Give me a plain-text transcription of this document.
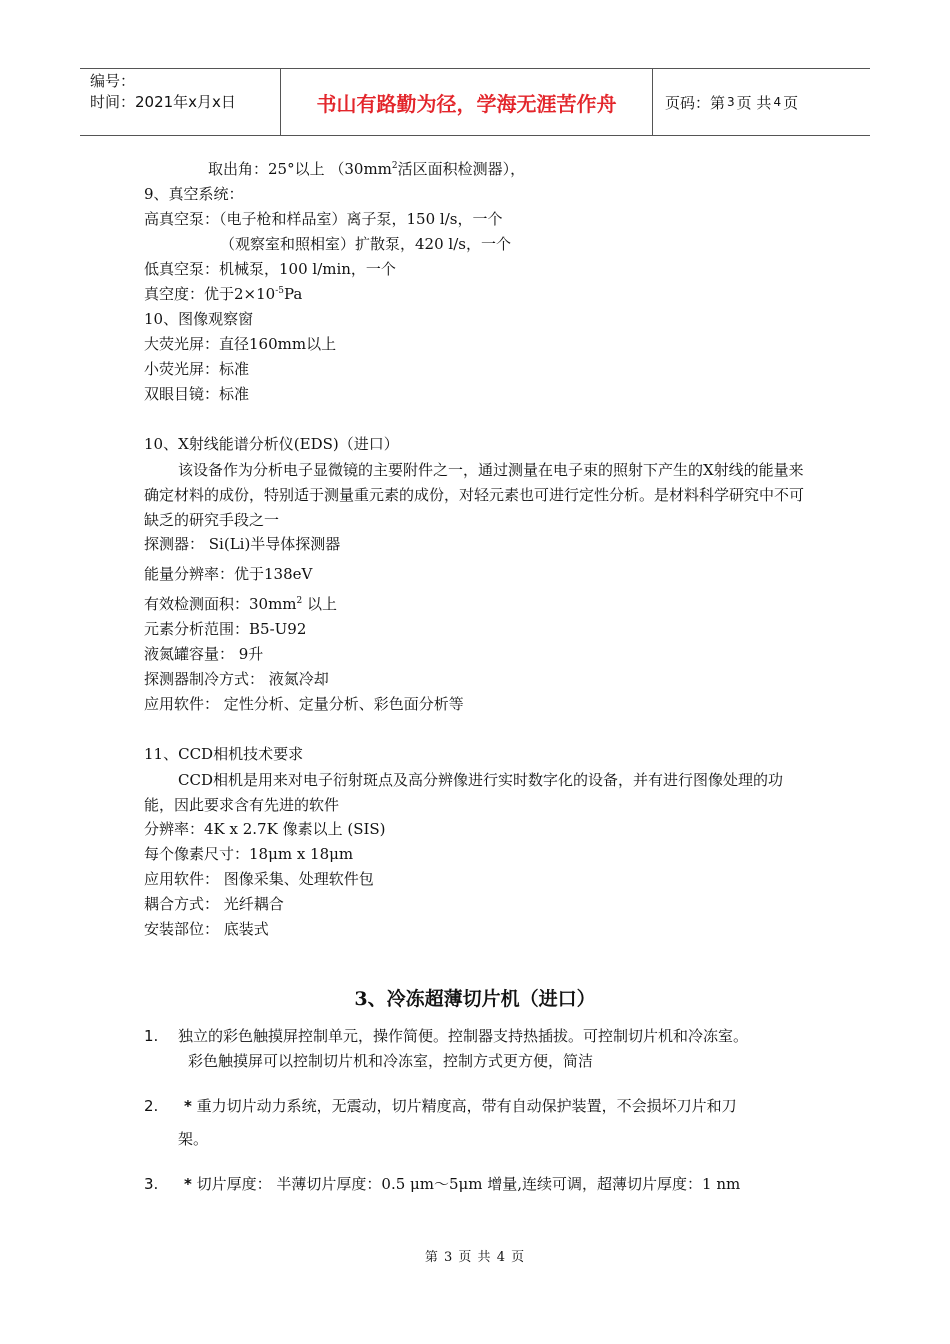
编号：
时间：2021年x月x日	书山有路勤为径，学海无涯苦作舟	页码：第 3 页 共 4 页
取出角：25°以上 （$30mm^2$活区面积检测器），
9、真空系统：
高真空泵：（电子枪和样品室）离子泵，150 l/s，一个
（观察室和照相室）扩散泵，420 l/s，一个
低真空泵：机械泵，100 l/min，一个
真空度：优于$2\times 10^{-5}Pa$
10、图像观察窗
大荧光屏：直径160mm以上
小荧光屏：标准
双眼目镜：标准
10、X射线能谱分析仪(EDS)（进口）
该设备作为分析电子显微镜的主要附件之一，通过测量在电子束的照射下产生的X射线的能量来确定材料的成份，特别适于测量重元素的成份，对轻元素也可进行定性分析。是材料科学研究中不可缺乏的研究手段之一
探测器： Si(Li)半导体探测器
能量分辨率：优于138eV
有效检测面积：$30mm^2$ 以上
元素分析范围：B5-U92
液氮罐容量： 9升
探测器制冷方式： 液氮冷却
应用软件： 定性分析、定量分析、彩色面分析等
11、CCD相机技术要求
CCD相机是用来对电子衍射斑点及高分辨像进行实时数字化的设备，并有进行图像处理的功能，因此要求含有先进的软件
分辨率：4K x 2.7K 像素以上 (SIS)
每个像素尺寸：18μm x 18μm
应用软件： 图像采集、处理软件包
耦合方式： 光纤耦合
安装部位： 底装式
3、冷冻超薄切片机（进口）
1. 独立的彩色触摸屏控制单元，操作简便。控制器支持热插拔。可控制切片机和冷冻室。
彩色触摸屏可以控制切片机和冷冻室，控制方式更方便，简洁
2. * 重力切片动力系统，无震动，切片精度高，带有自动保护装置，不会损坏刀片和刀
架。
3. * 切片厚度： 半薄切片厚度：0.5 μm～5μm 增量,连续可调，超薄切片厚度：1 nm
第 3 页 共 4 页
